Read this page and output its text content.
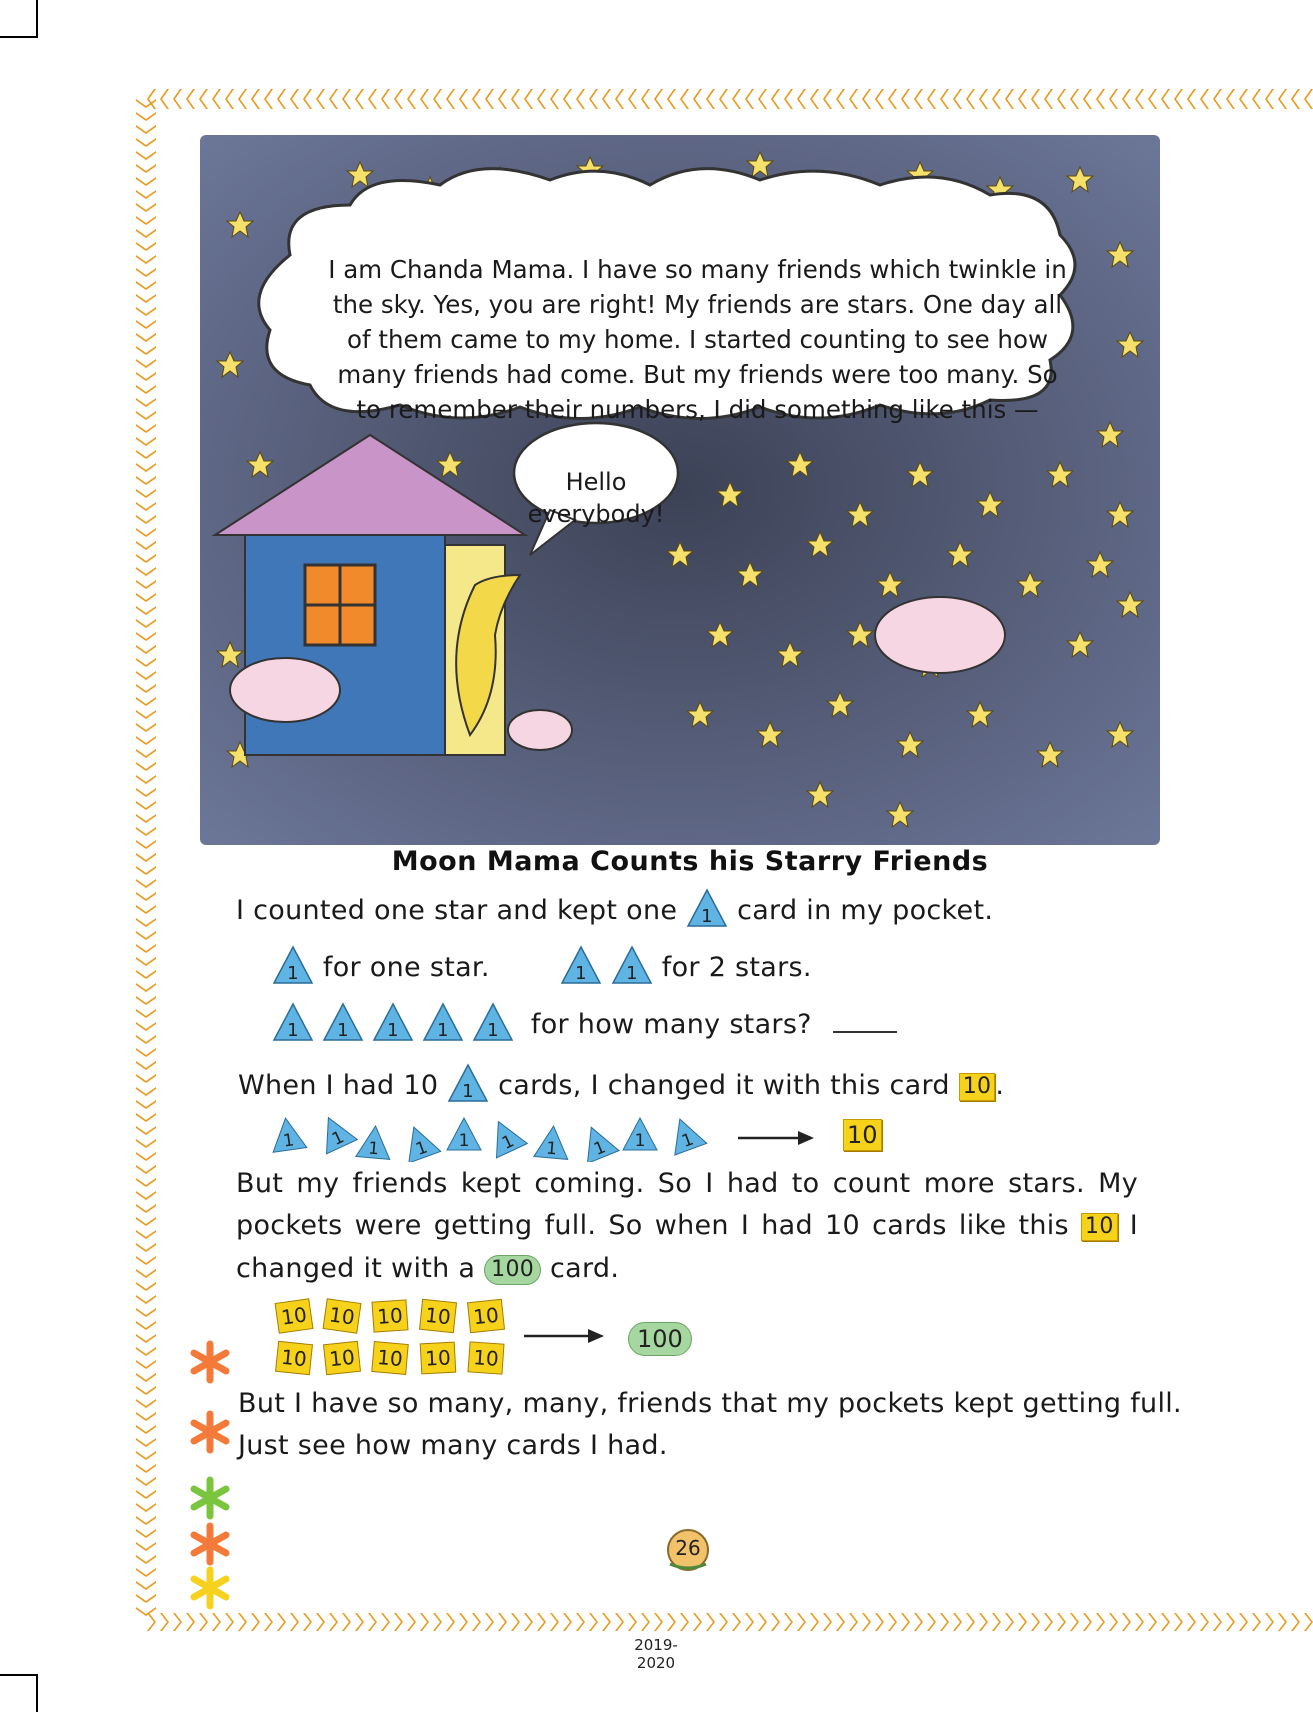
I am Chanda Mama. I have so many friends which twinkle in the sky. Yes, you are right! My friends are stars. One day all of them came to my home. I started counting to see how many friends had come. But my friends were too many. So to remember their numbers, I did something like this —
Hello everybody!
Moon Mama Counts his Starry Friends
I counted one star and kept one 1 card in my pocket.
1 for one star.	1
1 for 2 stars.
1 1 1 1 1 for how many stars?
When I had 10 1 cards, I changed it with this card 10 .
1 1 1 1 1 1 1 1 1 1	10
But my friends kept coming. So I had to count more stars. My
pockets were getting full. So when I had 10 cards like this 10 I
changed it with a 100 card.
10 10 10 10 10
10 10 10 10 10
100
But I have so many, many, friends that my pockets kept getting full.
Just see how many cards I had.
26
2019-2020
